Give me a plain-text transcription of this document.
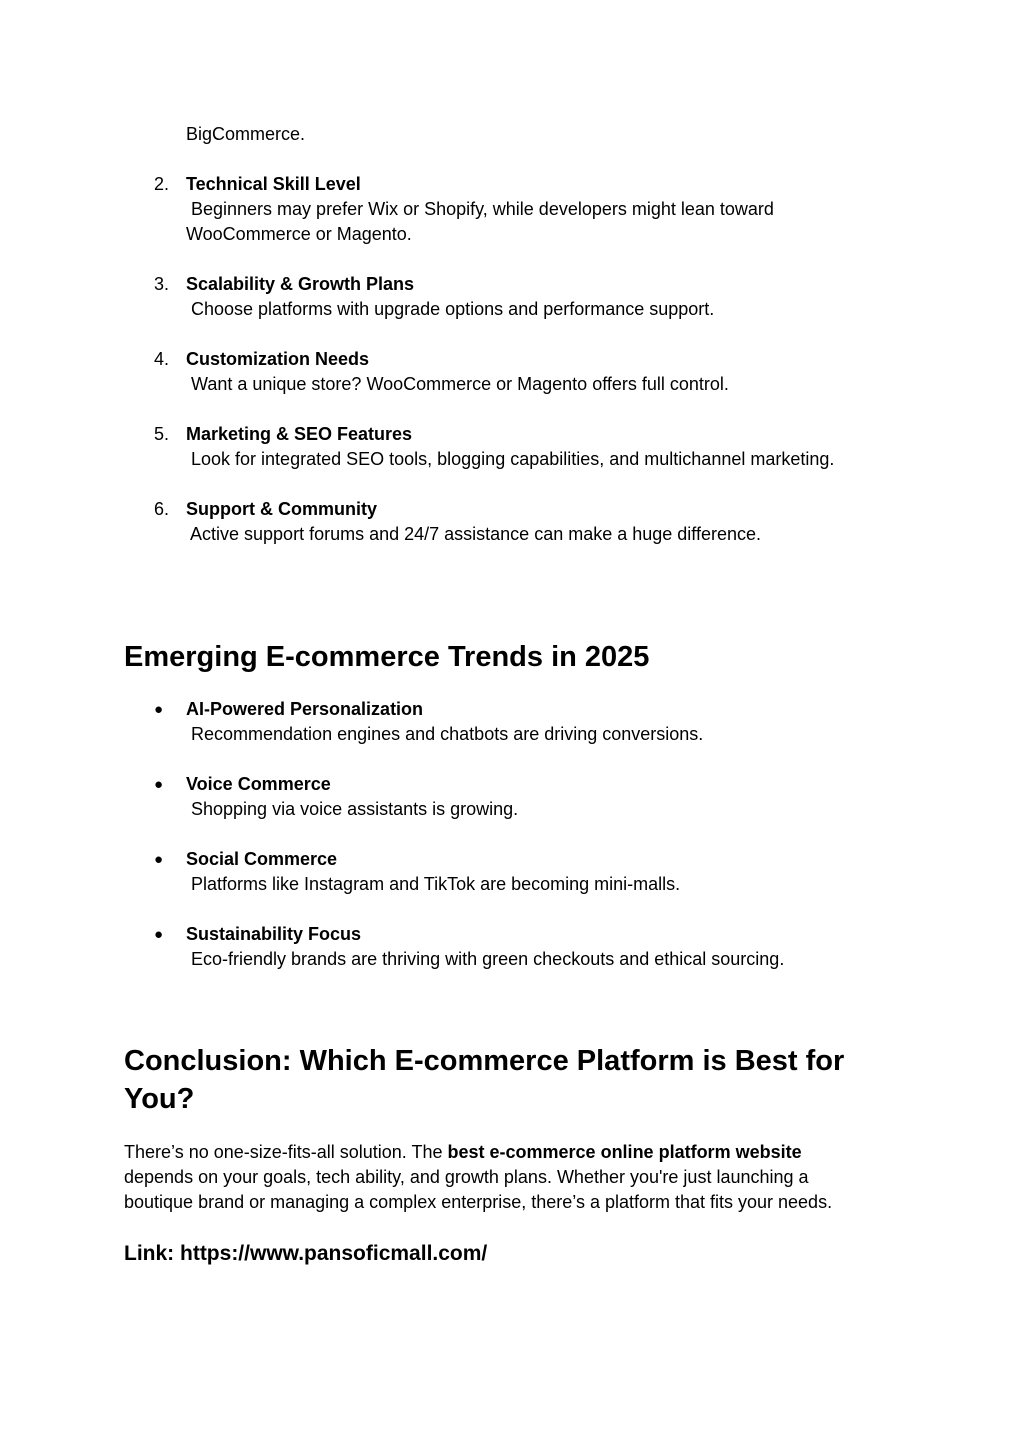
BigCommerce.
2. Technical Skill Level
Beginners may prefer Wix or Shopify, while developers might lean toward
WooCommerce or Magento.
3. Scalability & Growth Plans
Choose platforms with upgrade options and performance support.
4. Customization Needs
Want a unique store? WooCommerce or Magento offers full control.
5. Marketing & SEO Features
Look for integrated SEO tools, blogging capabilities, and multichannel marketing.
6. Support & Community
Active support forums and 24/7 assistance can make a huge difference.
Emerging E-commerce Trends in 2025
● AI-Powered Personalization
Recommendation engines and chatbots are driving conversions.
● Voice Commerce
Shopping via voice assistants is growing.
● Social Commerce
Platforms like Instagram and TikTok are becoming mini-malls.
● Sustainability Focus
Eco-friendly brands are thriving with green checkouts and ethical sourcing.
Conclusion: Which E-commerce Platform is Best for
You?
There’s no one-size-fits-all solution. The best e-commerce online platform website
depends on your goals, tech ability, and growth plans. Whether you're just launching a
boutique brand or managing a complex enterprise, there’s a platform that fits your needs.
Link: https://www.pansoficmall.com/
